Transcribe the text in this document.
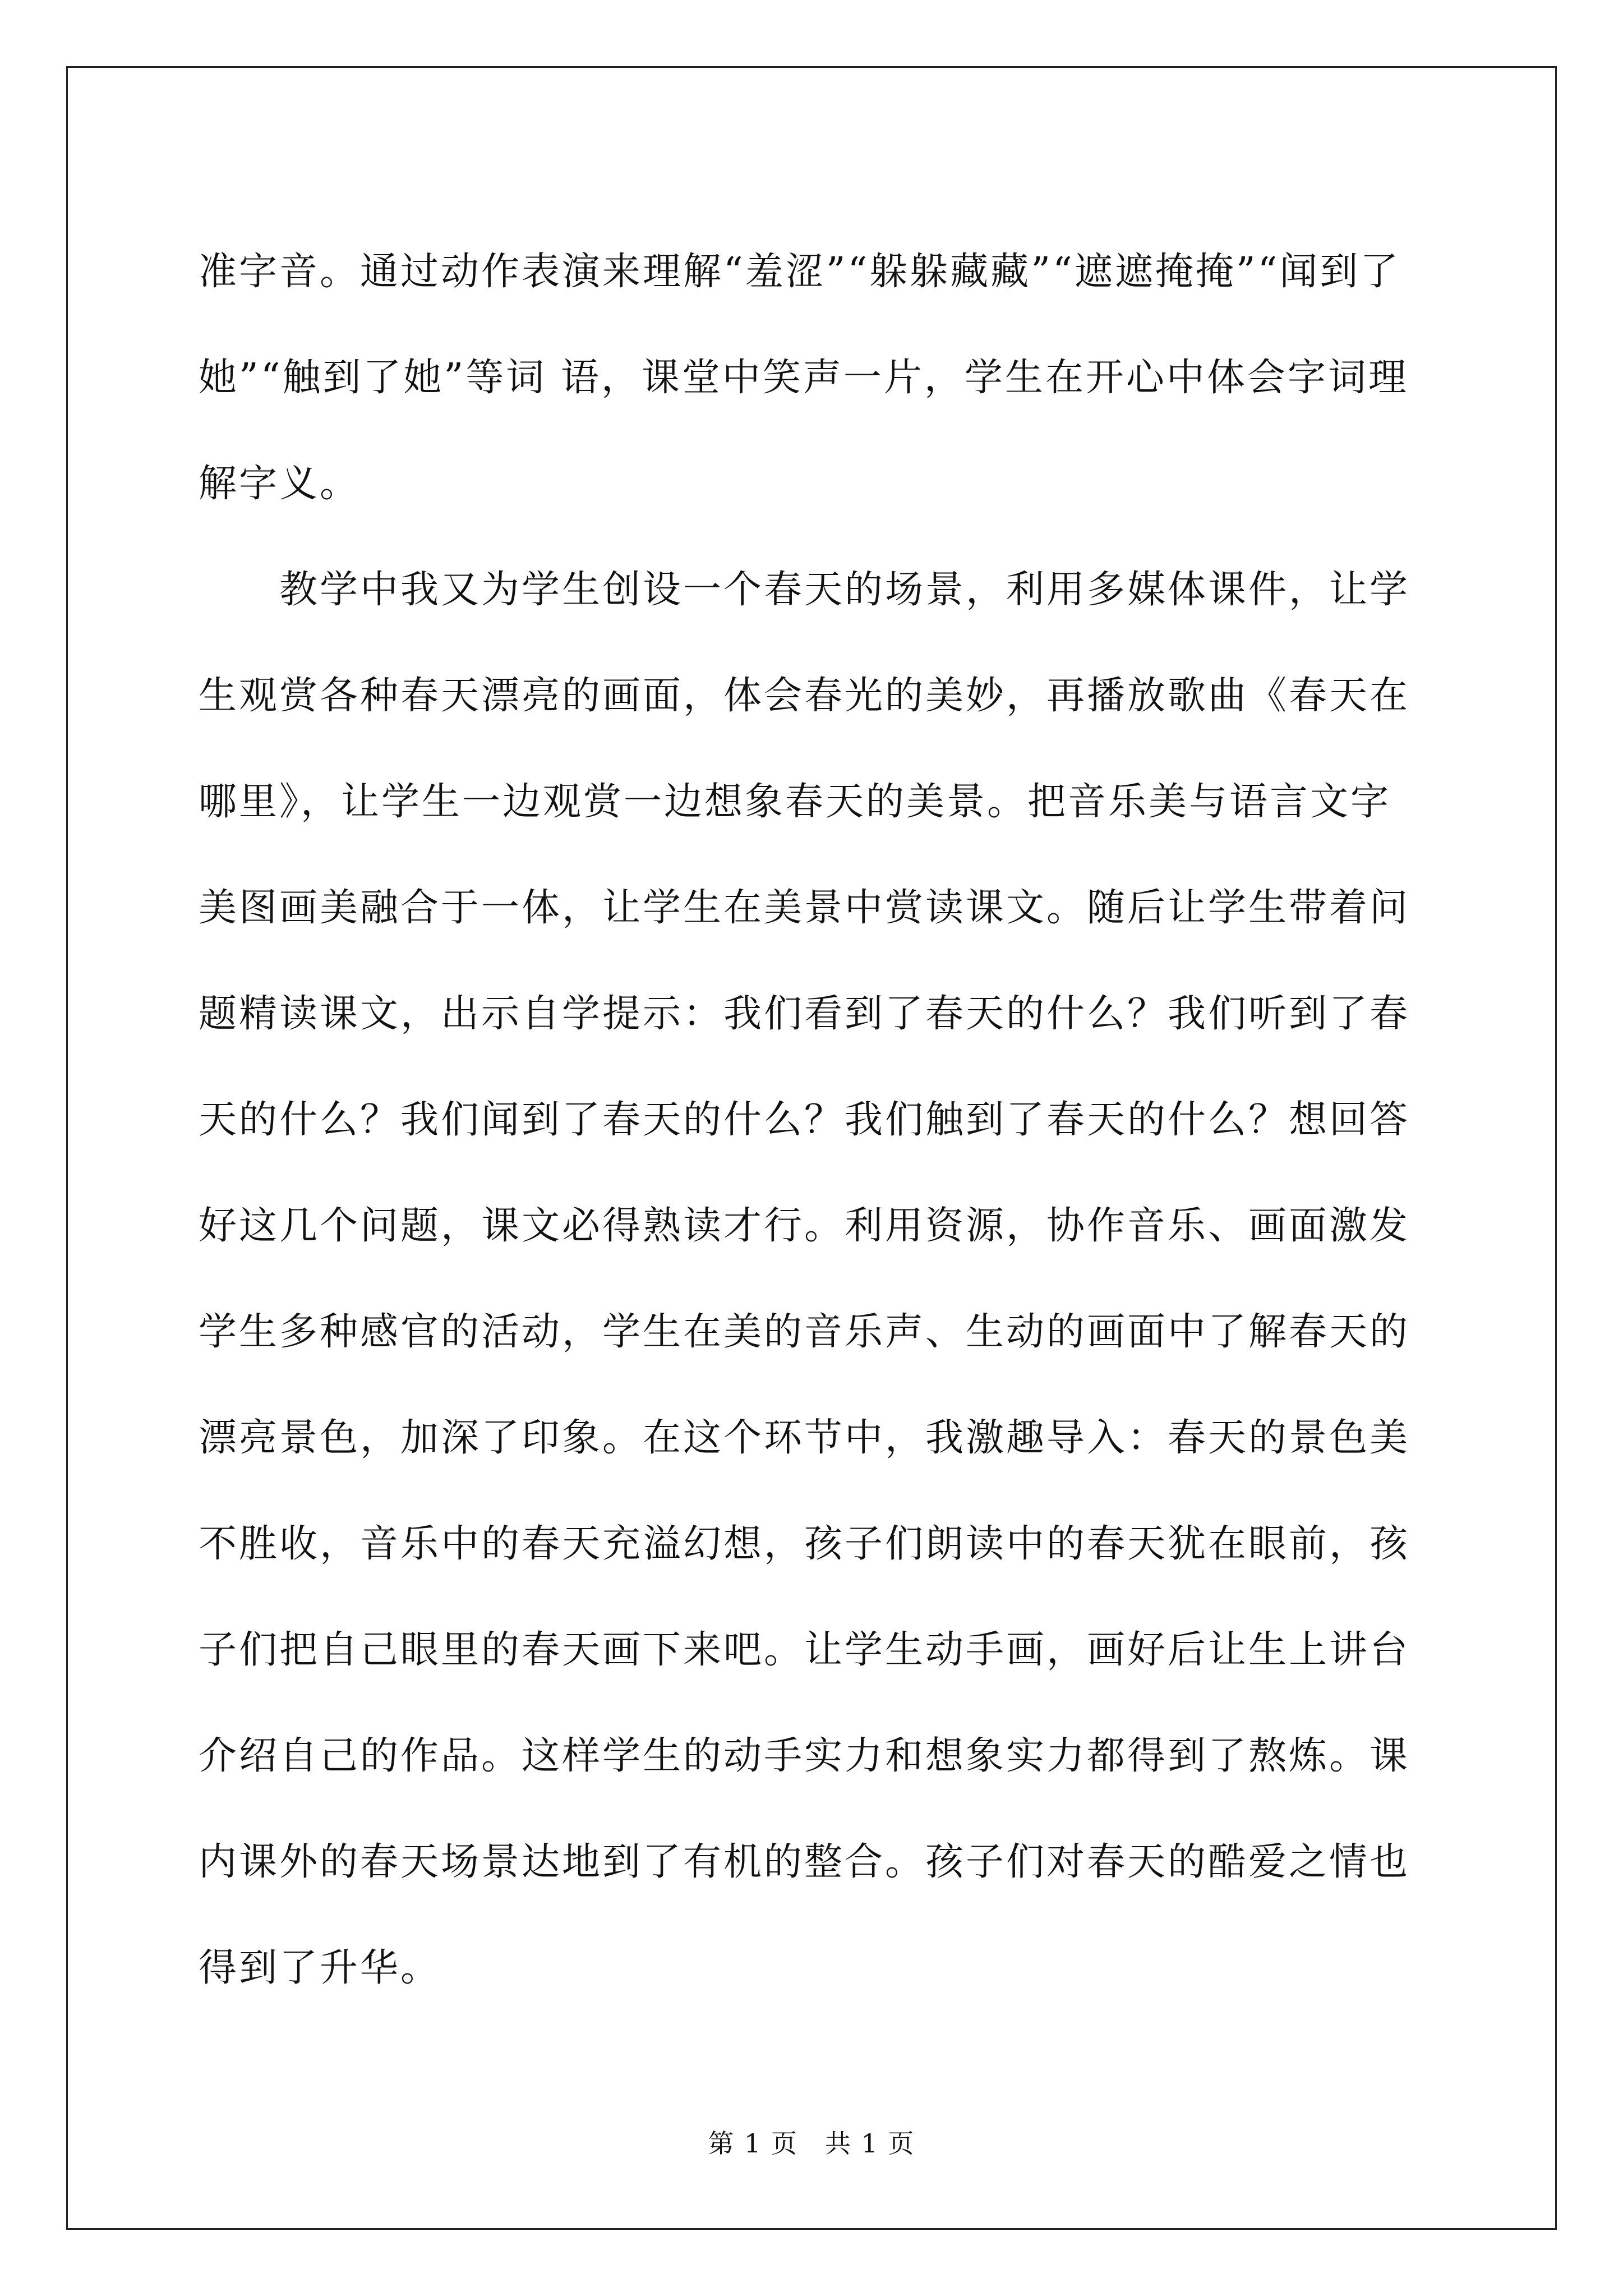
准字音。通过动作表演来理解“羞涩”“躲躲藏藏”“遮遮掩掩”“闻到了她”“触到了她”等词 语，课堂中笑声一片，学生在开心中体会字词理解字义。

教学中我又为学生创设一个春天的场景，利用多媒体课件，让学生观赏各种春天漂亮的画面，体会春光的美妙，再播放歌曲《春天在哪里》，让学生一边观赏一边想象春天的美景。把音乐美与语言文字美图画美融合于一体，让学生在美景中赏读课文。随后让学生带着问题精读课文，出示自学提示：我们看到了春天的什么？我们听到了春天的什么？我们闻到了春天的什么？我们触到了春天的什么？想回答好这几个问题，课文必得熟读才行。利用资源，协作音乐、画面激发学生多种感官的活动，学生在美的音乐声、生动的画面中了解春天的漂亮景色，加深了印象。在这个环节中，我激趣导入：春天的景色美不胜收，音乐中的春天充溢幻想，孩子们朗读中的春天犹在眼前，孩子们把自己眼里的春天画下来吧。让学生动手画，画好后让生上讲台介绍自己的作品。这样学生的动手实力和想象实力都得到了熬炼。课内课外的春天场景达地到了有机的整合。孩子们对春天的酷爱之情也得到了升华。

第 1 页　共 1 页
